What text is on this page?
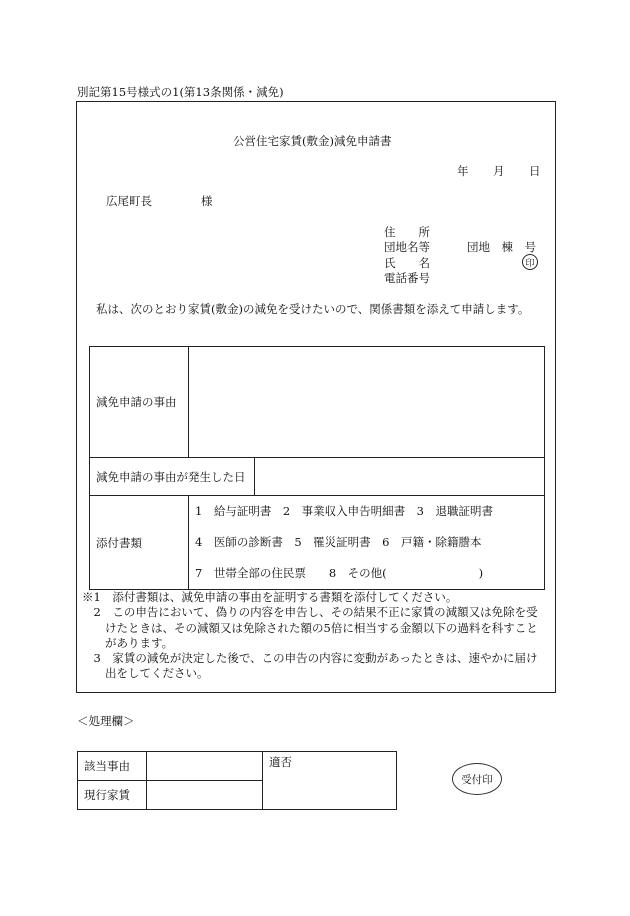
別記第15号様式の1(第13条関係・減免)
公営住宅家賃(敷金)減免申請書
年 月 日
広尾町長	様
住　　所
団地名等	団地　棟　号
氏　　名	印
電話番号
私は、次のとおり家賃(敷金)の減免を受けたいので、関係書類を添えて申請します。
減免申請の事由		
減免申請の事由が発生した日		
添付書類	1　給与証明書　2　事業収入申告明細書　3　退職証明書
4　医師の診断書　5　罹災証明書　6　戸籍・除籍謄本
7　世帯全部の住民票　　8　その他(　　　　　　　　)	
※1　添付書類は、減免申請の事由を証明する書類を添付してください。
　2　この申告において、偽りの内容を申告し、その結果不正に家賃の減額又は免除を受
　　けたときは、その減額又は免除された額の5倍に相当する金額以下の過料を科すこと
　　があります。
　3　家賃の減免が決定した後で、この申告の内容に変動があったときは、速やかに届け
　　出をしてください。
＜処理欄＞
該当事由		適否
現行家賃		
受付印
